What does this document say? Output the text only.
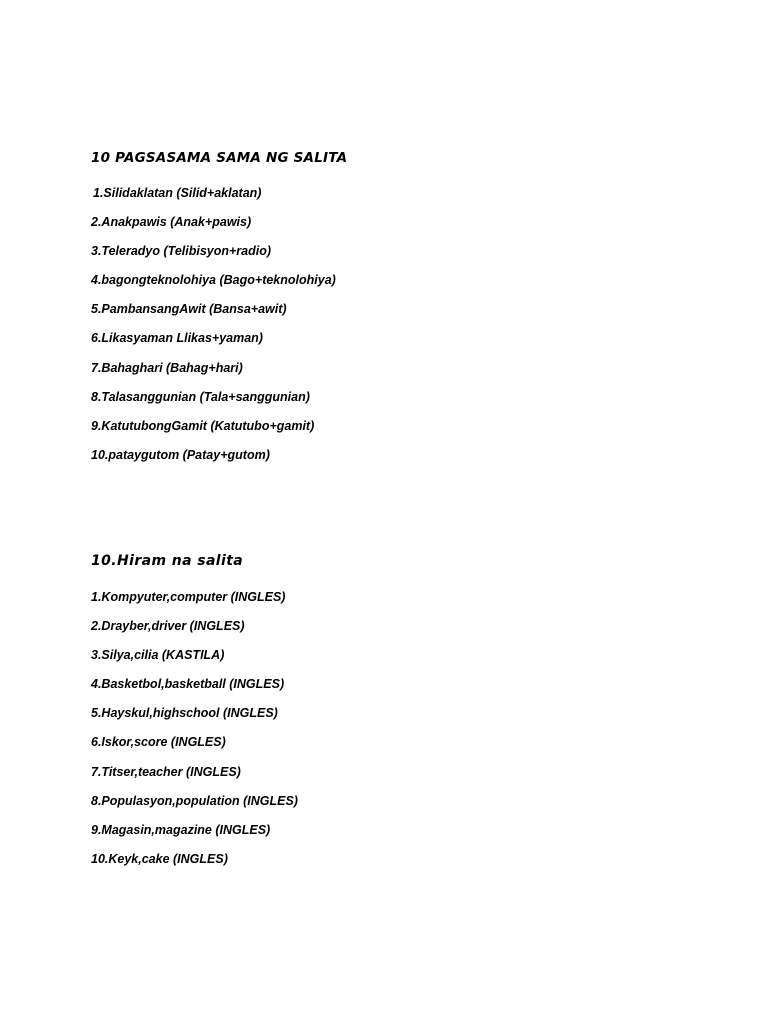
10 PAGSASAMA SAMA NG SALITA
1.Silidaklatan (Silid+aklatan)
2.Anakpawis (Anak+pawis)
3.Teleradyo (Telibisyon+radio)
4.bagongteknolohiya (Bago+teknolohiya)
5.PambansangAwit (Bansa+awit)
6.Likasyaman Llikas+yaman)
7.Bahaghari (Bahag+hari)
8.Talasanggunian (Tala+sanggunian)
9.KatutubongGamit (Katutubo+gamit)
10.pataygutom (Patay+gutom)
10.Hiram na salita
1.Kompyuter,computer (INGLES)
2.Drayber,driver (INGLES)
3.Silya,cilia (KASTILA)
4.Basketbol,basketball (INGLES)
5.Hayskul,highschool (INGLES)
6.Iskor,score (INGLES)
7.Titser,teacher (INGLES)
8.Populasyon,population (INGLES)
9.Magasin,magazine (INGLES)
10.Keyk,cake (INGLES)
